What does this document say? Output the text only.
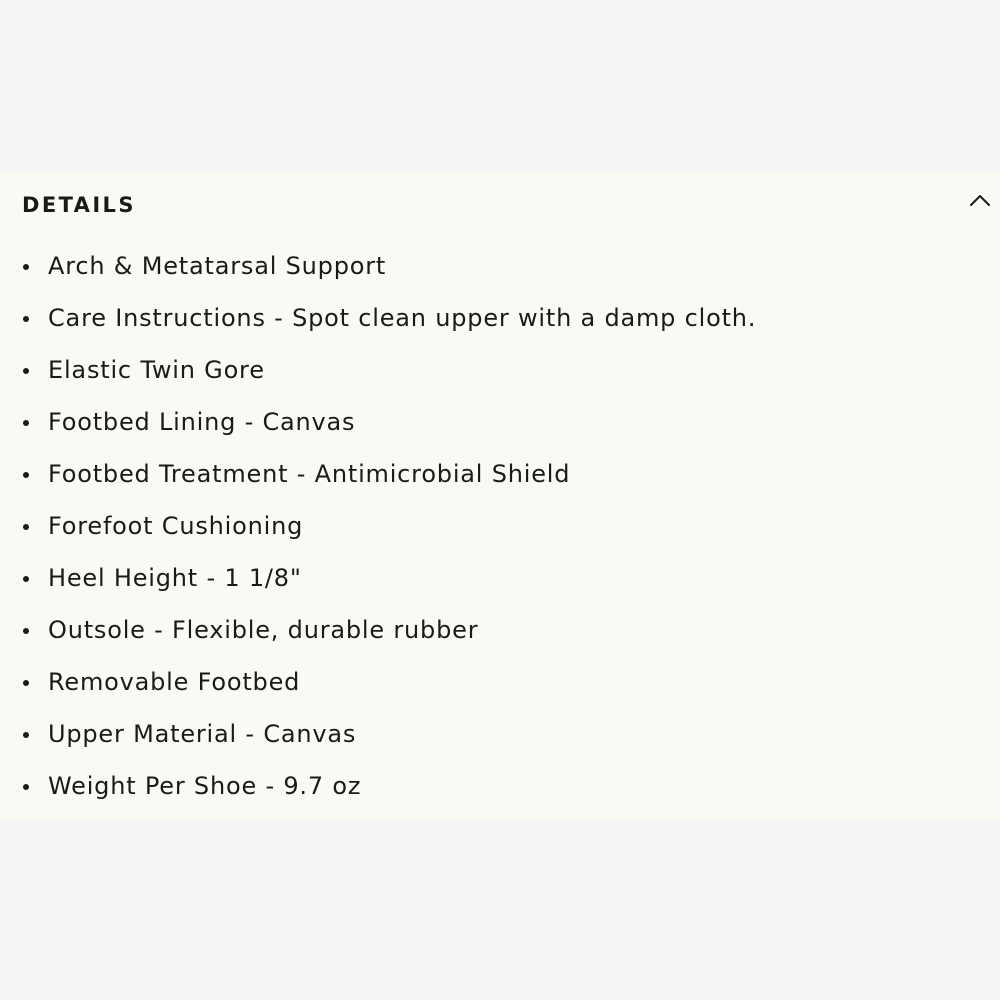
DETAILS
Arch & Metatarsal Support
Care Instructions - Spot clean upper with a damp cloth.
Elastic Twin Gore
Footbed Lining - Canvas
Footbed Treatment - Antimicrobial Shield
Forefoot Cushioning
Heel Height - 1 1/8"
Outsole - Flexible, durable rubber
Removable Footbed
Upper Material - Canvas
Weight Per Shoe - 9.7 oz
